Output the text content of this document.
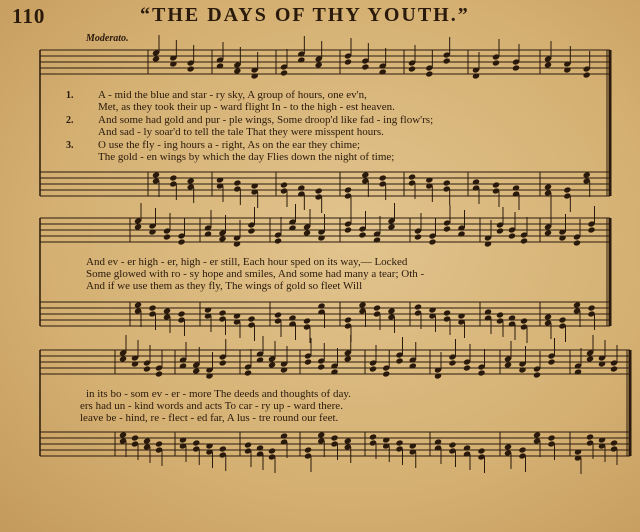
110	“THE DAYS OF THY YOUTH.”
Moderato.
1.
2.
3.
A - mid the blue and star - ry sky, A group of hours, one ev'n,
Met, as they took their up - ward flight In - to the high - est heaven.
And some had gold and pur - ple wings, Some droop'd like fad - ing flow'rs;
And sad - ly soar'd to tell the tale That they were misspent hours.
O use the fly - ing hours a - right, As on the ear they chime;
The gold - en wings by which the day Flies down the night of time;
And ev - er high - er, high - er still, Each hour sped on its way,— Locked
Some glowed with ro - sy hope and smiles, And some had many a tear; Oth -
And if we use them as they fly, The wings of gold so fleet Will
in its bo - som ev - er - more The deeds and thoughts of day.
ers had un - kind words and acts To car - ry up - ward there.
leave be - hind, re - flect - ed far, A lus - tre round our feet.
